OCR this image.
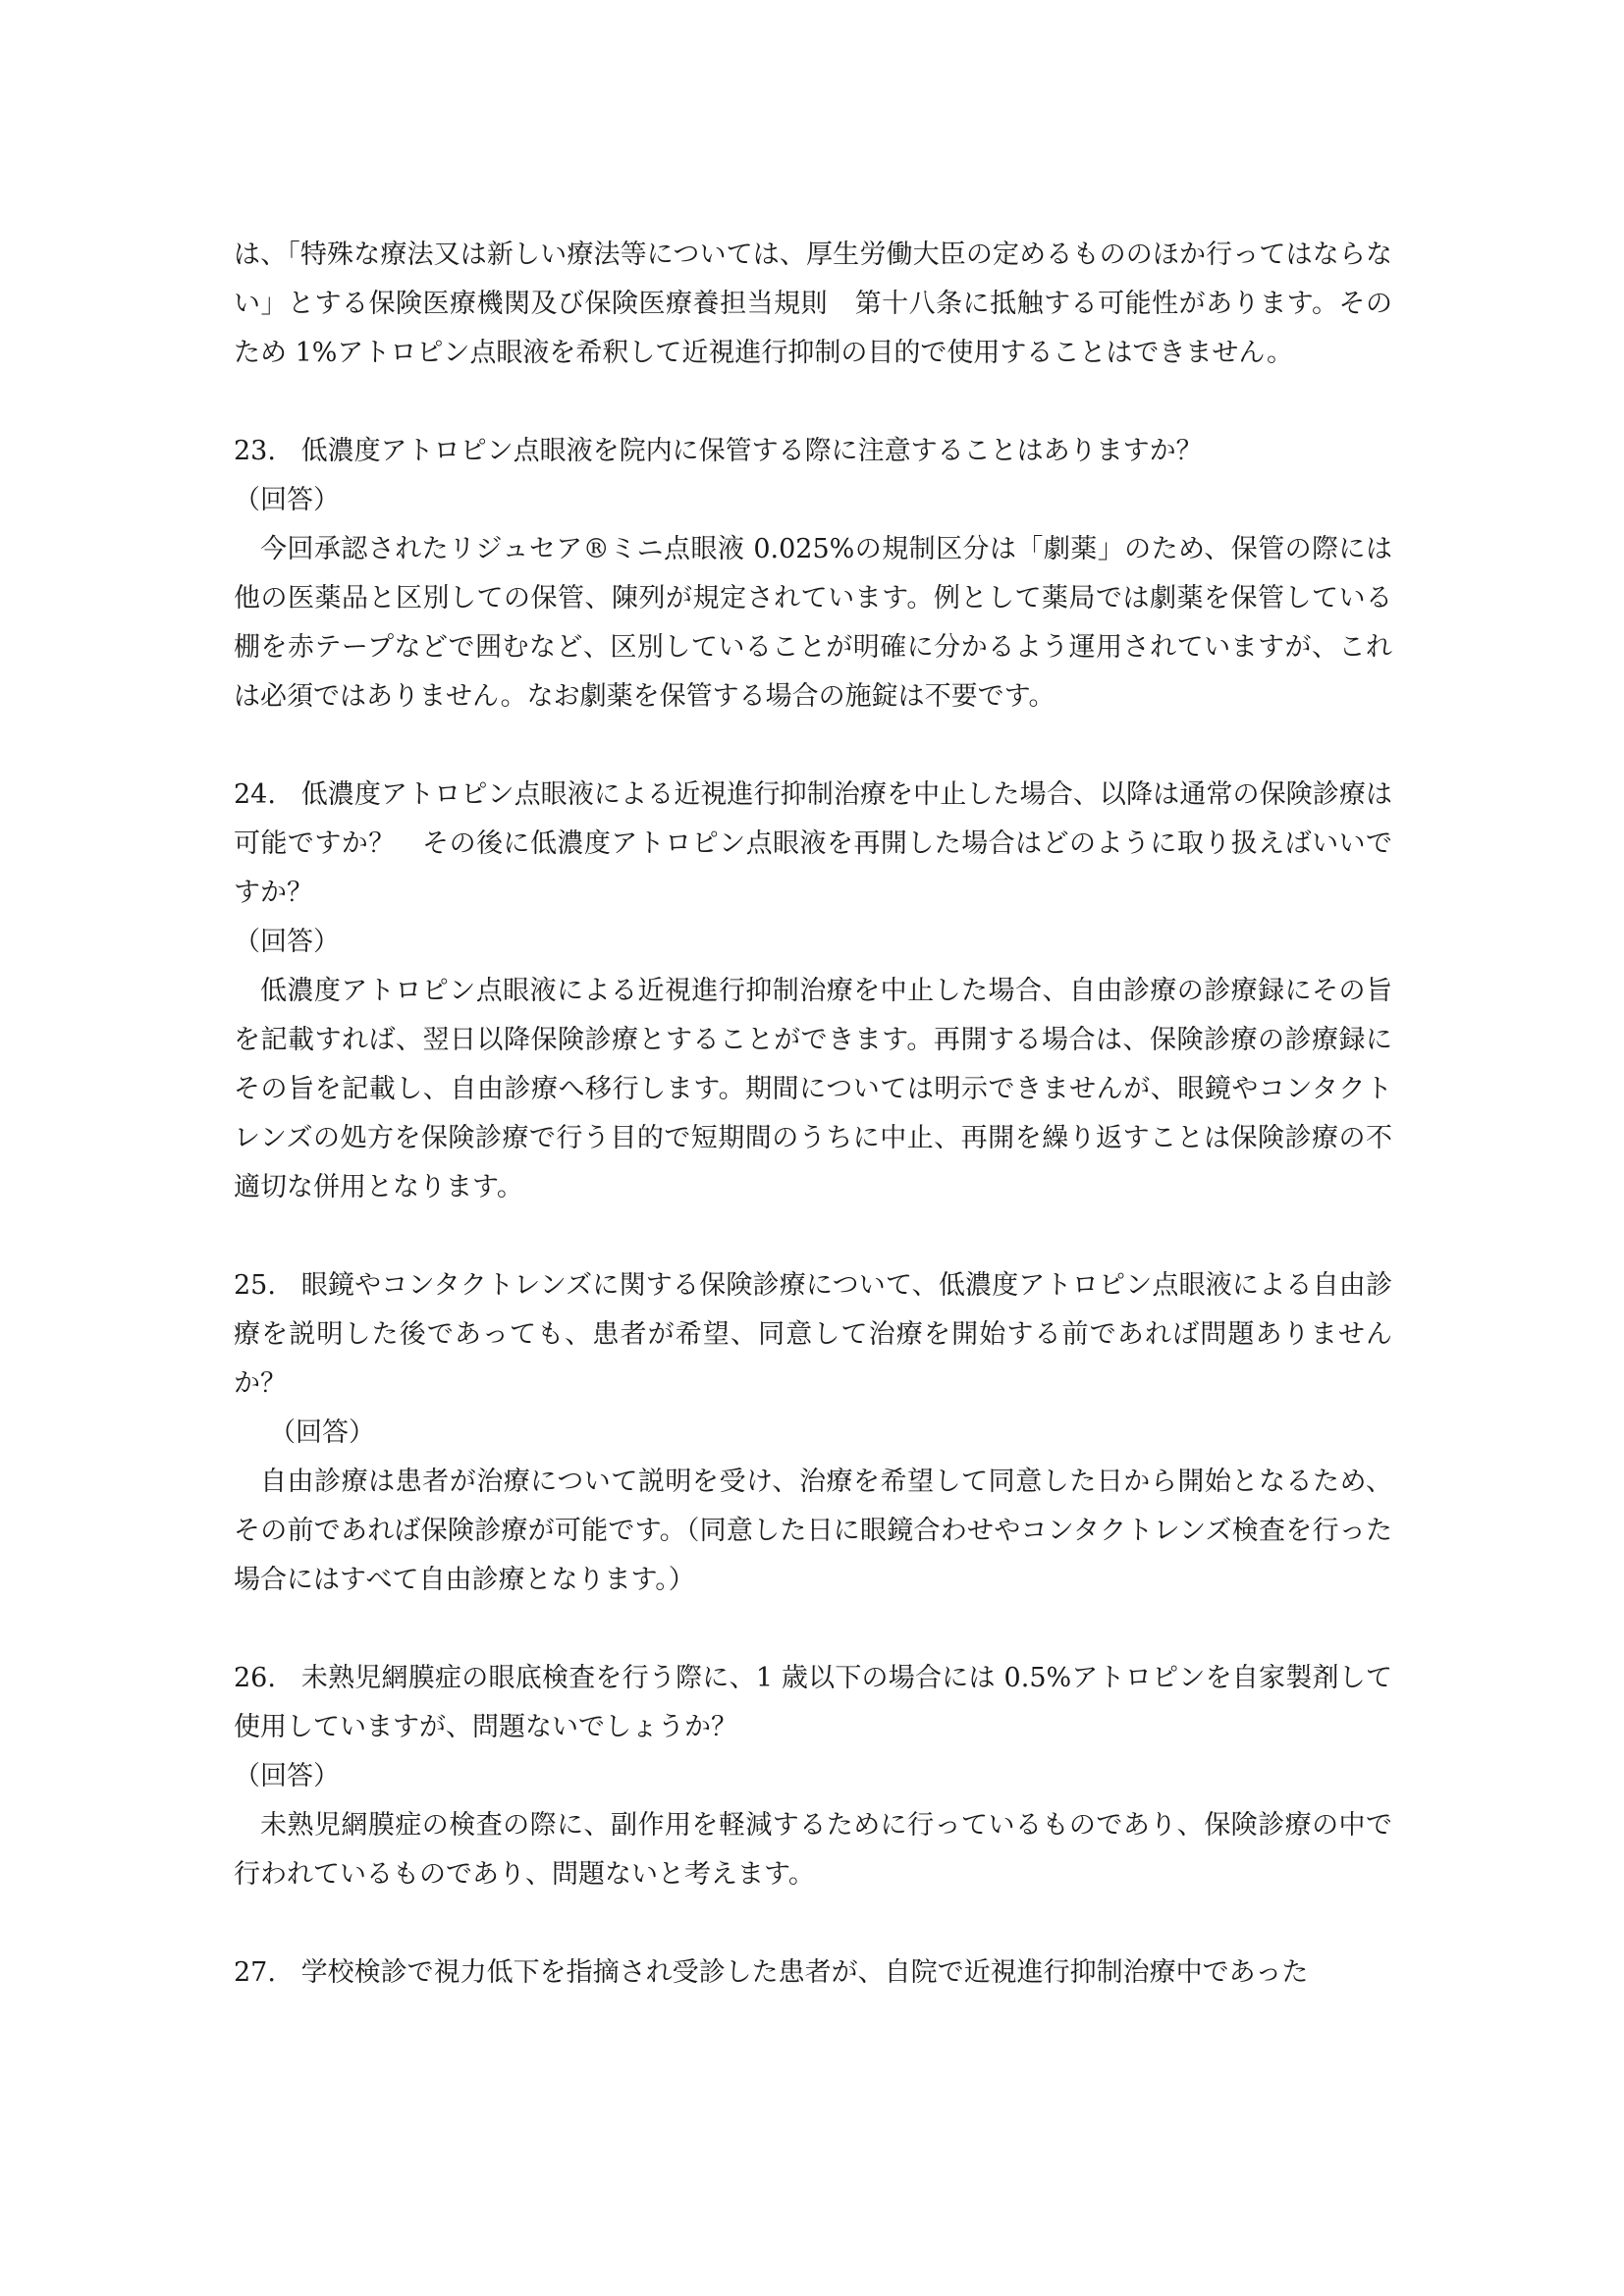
は、「特殊な療法又は新しい療法等については、厚生労働大臣の定めるもののほか行ってはならない」とする保険医療機関及び保険医療養担当規則　第十八条に抵触する可能性があります。そのため 1%アトロピン点眼液を希釈して近視進行抑制の目的で使用することはできません。

23. 低濃度アトロピン点眼液を院内に保管する際に注意することはありますか？

（回答）

今回承認されたリジュセア®ミニ点眼液 0.025%の規制区分は「劇薬」のため、保管の際には他の医薬品と区別しての保管、陳列が規定されています。例として薬局では劇薬を保管している棚を赤テープなどで囲むなど、区別していることが明確に分かるよう運用されていますが、これは必須ではありません。なお劇薬を保管する場合の施錠は不要です。

24. 低濃度アトロピン点眼液による近視進行抑制治療を中止した場合、以降は通常の保険診療は可能ですか？　その後に低濃度アトロピン点眼液を再開した場合はどのように取り扱えばいいですか？

（回答）

低濃度アトロピン点眼液による近視進行抑制治療を中止した場合、自由診療の診療録にその旨を記載すれば、翌日以降保険診療とすることができます。再開する場合は、保険診療の診療録にその旨を記載し、自由診療へ移行します。期間については明示できませんが、眼鏡やコンタクトレンズの処方を保険診療で行う目的で短期間のうちに中止、再開を繰り返すことは保険診療の不適切な併用となります。

25. 眼鏡やコンタクトレンズに関する保険診療について、低濃度アトロピン点眼液による自由診療を説明した後であっても、患者が希望、同意して治療を開始する前であれば問題ありませんか？

（回答）

自由診療は患者が治療について説明を受け、治療を希望して同意した日から開始となるため、その前であれば保険診療が可能です。（同意した日に眼鏡合わせやコンタクトレンズ検査を行った場合にはすべて自由診療となります。）

26. 未熟児網膜症の眼底検査を行う際に、1 歳以下の場合には 0.5%アトロピンを自家製剤して使用していますが、問題ないでしょうか？

（回答）

未熟児網膜症の検査の際に、副作用を軽減するために行っているものであり、保険診療の中で行われているものであり、問題ないと考えます。

27. 学校検診で視力低下を指摘され受診した患者が、自院で近視進行抑制治療中であった
